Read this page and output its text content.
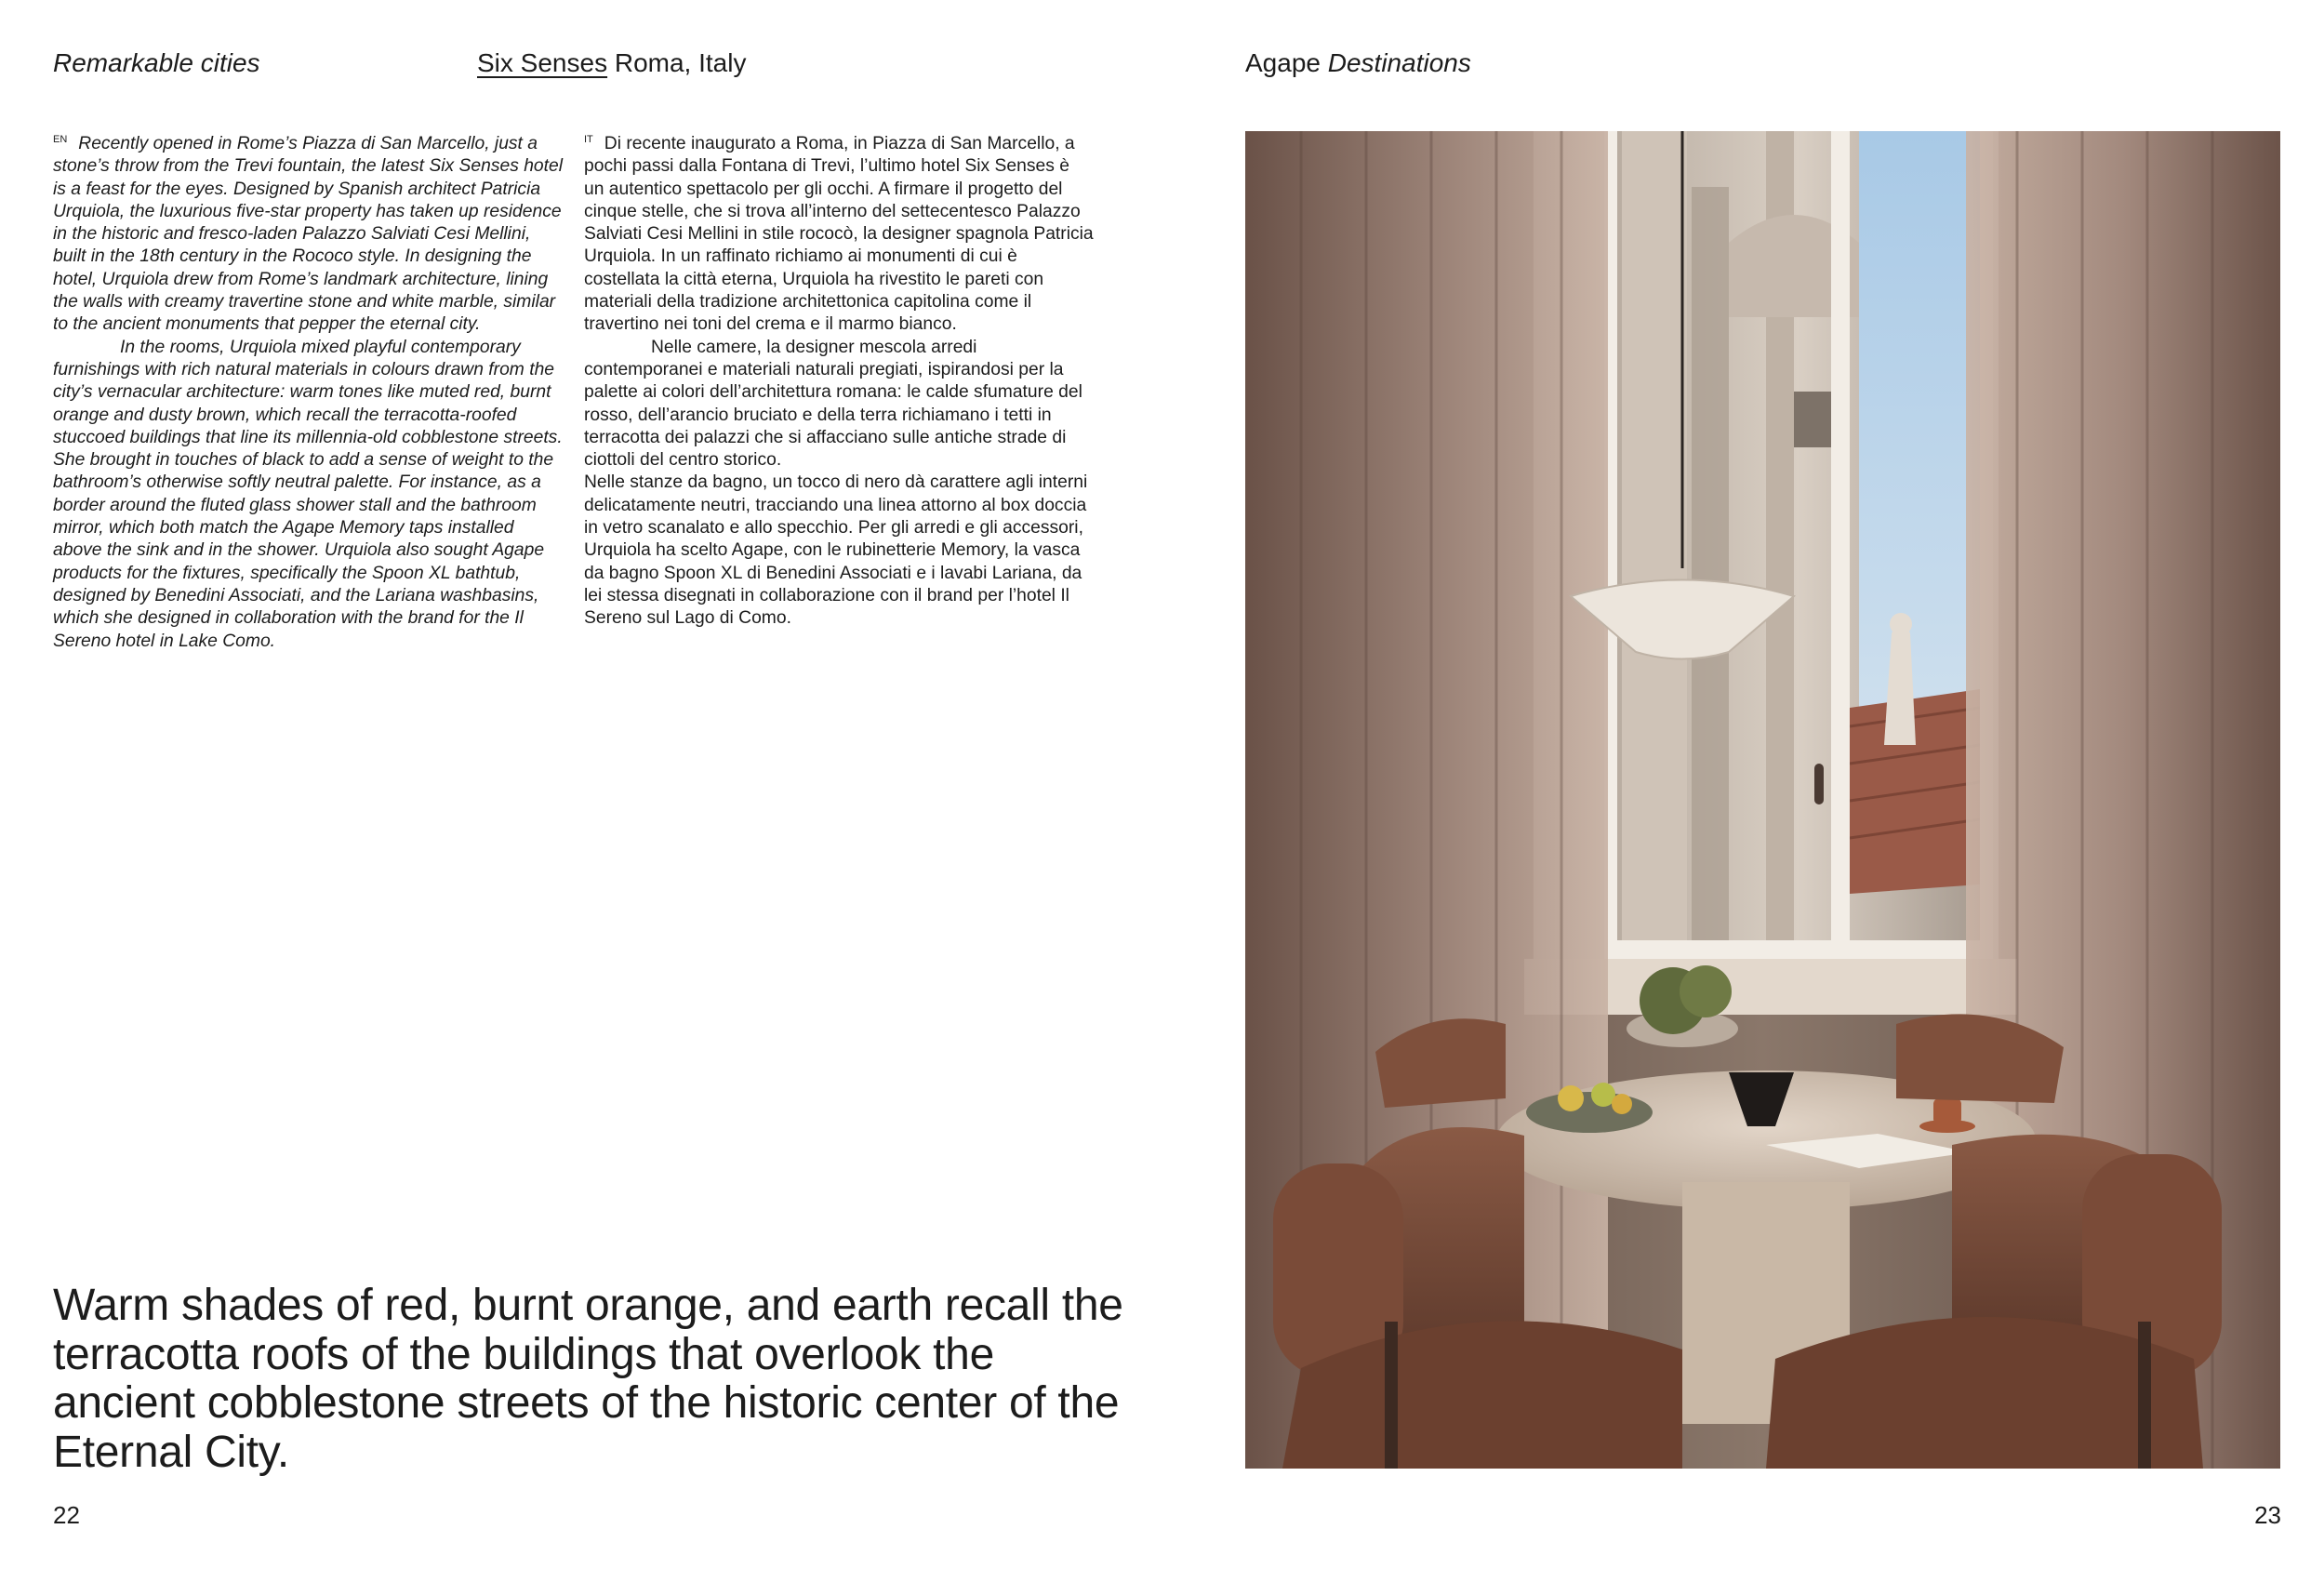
Remarkable cities	Six Senses Roma, Italy	Agape Destinations

$^{EN}$ Recently opened in Rome’s Piazza di San Marcello, just a stone’s throw from the Trevi fountain, the latest Six Senses hotel is a feast for the eyes. Designed by Spanish architect Patricia Urquiola, the luxurious five-star property has taken up residence in the historic and fresco-laden Palazzo Salviati Cesi Mellini, built in the 18th century in the Rococo style. In designing the hotel, Urquiola drew from Rome’s landmark architecture, lining the walls with creamy travertine stone and white marble, similar to the ancient monuments that pepper the eternal city.

In the rooms, Urquiola mixed playful contemporary furnishings with rich natural materials in colours drawn from the city’s vernacular architecture: warm tones like muted red, burnt orange and dusty brown, which recall the terracotta-roofed stuccoed buildings that line its millennia-old cobblestone streets. She brought in touches of black to add a sense of weight to the bathroom’s otherwise softly neutral palette. For instance, as a border around the fluted glass shower stall and the bathroom mirror, which both match the Agape Memory taps installed above the sink and in the shower. Urquiola also sought Agape products for the fixtures, specifically the Spoon XL bathtub, designed by Benedini Associati, and the Lariana washbasins, which she designed in collaboration with the brand for the Il Sereno hotel in Lake Como.

$^{IT}$ Di recente inaugurato a Roma, in Piazza di San Marcello, a pochi passi dalla Fontana di Trevi, l’ultimo hotel Six Senses è un autentico spettacolo per gli occhi. A firmare il progetto del cinque stelle, che si trova all’interno del settecentesco Palazzo Salviati Cesi Mellini in stile rococò, la designer spagnola Patricia Urquiola. In un raffinato richiamo ai monumenti di cui è costellata la città eterna, Urquiola ha rivestito le pareti con materiali della tradizione architettonica capitolina come il travertino nei toni del crema e il marmo bianco.

Nelle camere, la designer mescola arredi contemporanei e materiali naturali pregiati, ispirandosi per la palette ai colori dell’architettura romana: le calde sfumature del rosso, dell’arancio bruciato e della terra richiamano i tetti in terracotta dei palazzi che si affacciano sulle antiche strade di ciottoli del centro storico.

Nelle stanze da bagno, un tocco di nero dà carattere agli interni delicatamente neutri, tracciando una linea attorno al box doccia in vetro scanalato e allo specchio. Per gli arredi e gli accessori, Urquiola ha scelto Agape, con le rubinetterie Memory, la vasca da bagno Spoon XL di Benedini Associati e i lavabi Lariana, da lei stessa disegnati in collaborazione con il brand per l’hotel Il Sereno sul Lago di Como.

Warm shades of red, burnt orange, and earth recall the terracotta roofs of the buildings that overlook the ancient cobblestone streets of the historic center of the Eternal City.
22	23
